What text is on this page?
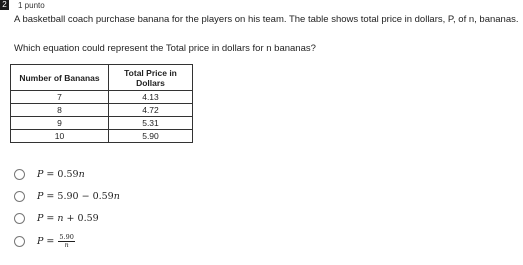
2 1 punto
A basketball coach purchase banana for the players on his team. The table shows total price in dollars, P, of n, bananas.
Which equation could represent the Total price in dollars for n bananas?
Number of Bananas	Total Price in Dollars
7	4.13
8	4.72
9	5.31
10	5.90
P = 0.59n
P = 5.90 − 0.59n
P = n + 0.59
$P = \frac{5.90}{n}$
